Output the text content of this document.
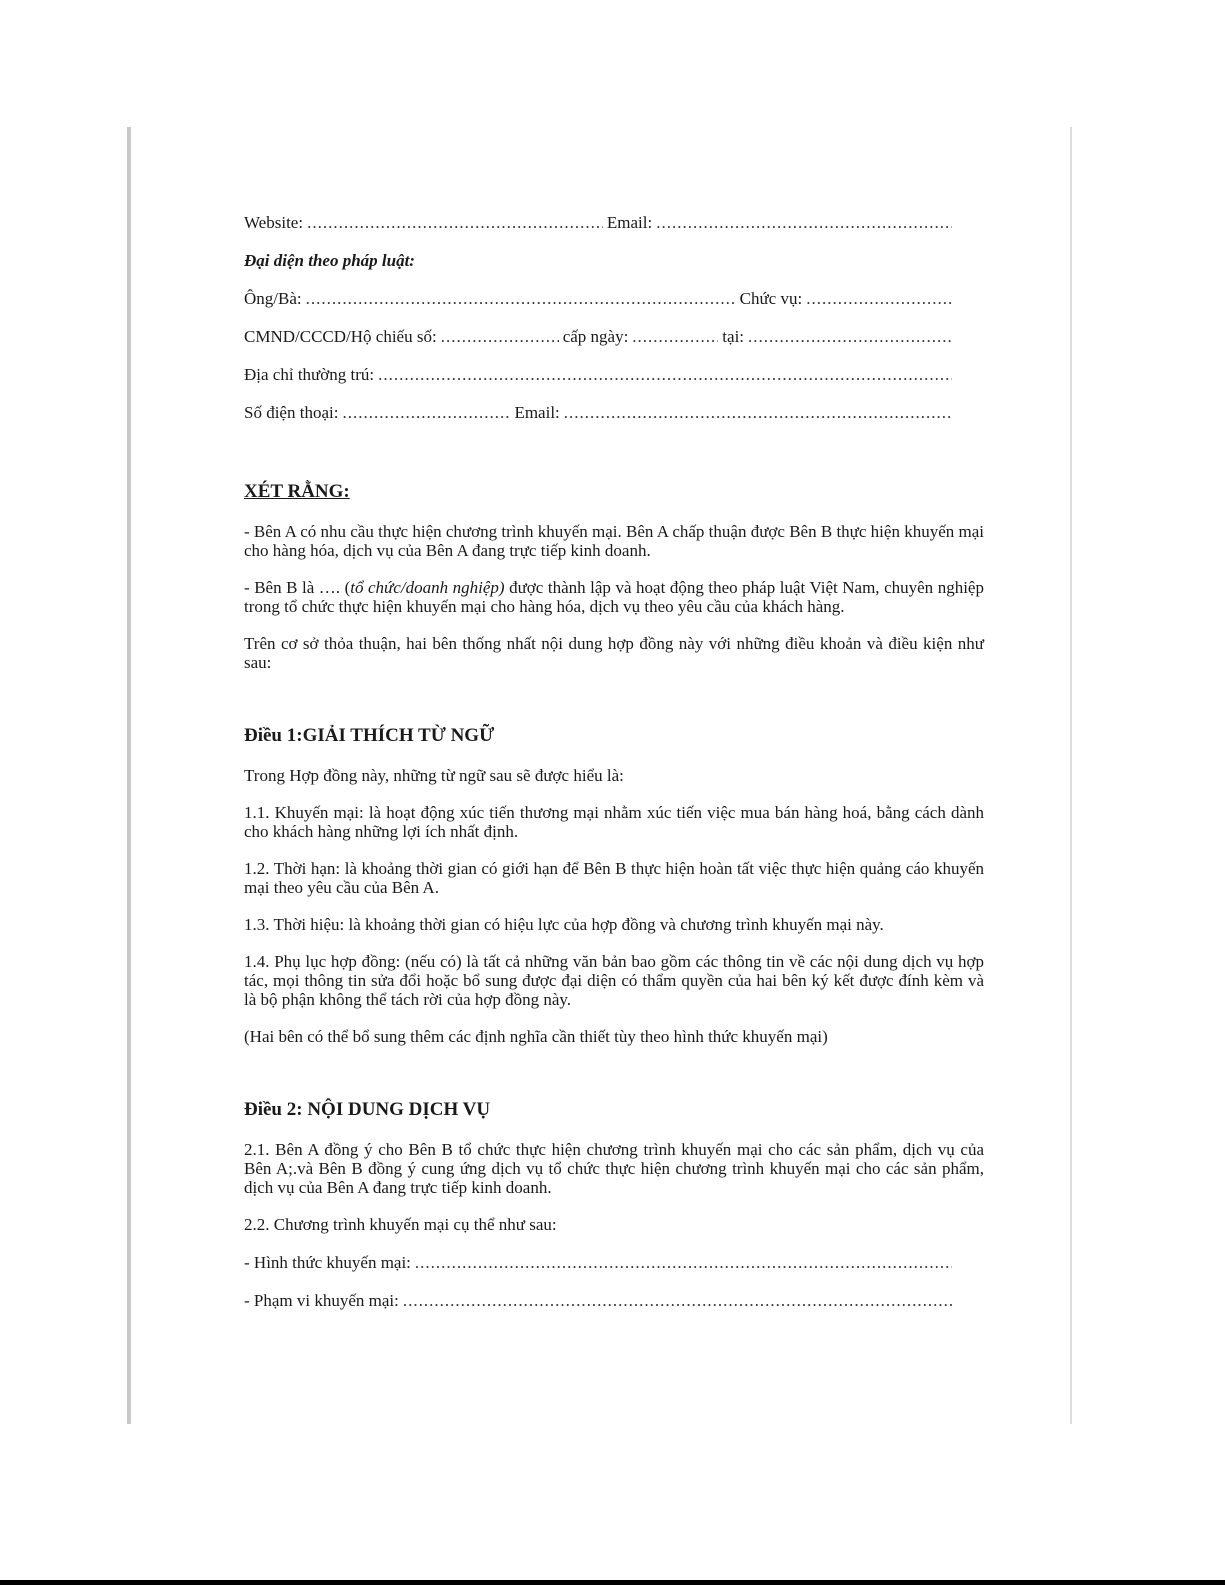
Website: .....	Email:
.....
Đại diện theo pháp luật:
Ông/Bà: .....	Chức vụ:
.....
CMND/CCCD/Hộ chiếu số: .....	cấp ngày: .....	tại:
.....
Địa chỉ thường trú:
.....
Số điện thoại: .....	Email:
.....
XÉT RẰNG:

- Bên A có nhu cầu thực hiện chương trình khuyến mại. Bên A chấp thuận được Bên B thực hiện khuyến mại cho hàng hóa, dịch vụ của Bên A đang trực tiếp kinh doanh.

- Bên B là …. (tổ chức/doanh nghiệp) được thành lập và hoạt động theo pháp luật Việt Nam, chuyên nghiệp trong tổ chức thực hiện khuyến mại cho hàng hóa, dịch vụ theo yêu cầu của khách hàng.

Trên cơ sở thỏa thuận, hai bên thống nhất nội dung hợp đồng này với những điều khoản và điều kiện như sau:

Điều 1:GIẢI THÍCH TỪ NGỮ

Trong Hợp đồng này, những từ ngữ sau sẽ được hiểu là:

1.1. Khuyến mại: là hoạt động xúc tiến thương mại nhằm xúc tiến việc mua bán hàng hoá, bằng cách dành cho khách hàng những lợi ích nhất định.

1.2. Thời hạn: là khoảng thời gian có giới hạn để Bên B thực hiện hoàn tất việc thực hiện quảng cáo khuyến mại theo yêu cầu của Bên A.

1.3. Thời hiệu: là khoảng thời gian có hiệu lực của hợp đồng và chương trình khuyến mại này.

1.4. Phụ lục hợp đồng: (nếu có) là tất cả những văn bản bao gồm các thông tin về các nội dung dịch vụ hợp tác, mọi thông tin sửa đổi hoặc bổ sung được đại diện có thẩm quyền của hai bên ký kết được đính kèm và là bộ phận không thể tách rời của hợp đồng này.

(Hai bên có thể bổ sung thêm các định nghĩa cần thiết tùy theo hình thức khuyến mại)

Điều 2: NỘI DUNG DỊCH VỤ

2.1. Bên A đồng ý cho Bên B tổ chức thực hiện chương trình khuyến mại cho các sản phẩm, dịch vụ của Bên A;.và Bên B đồng ý cung ứng dịch vụ tổ chức thực hiện chương trình khuyến mại cho các sản phẩm, dịch vụ của Bên A đang trực tiếp kinh doanh.

2.2. Chương trình khuyến mại cụ thể như sau:

- Hình thức khuyến mại:
.....
- Phạm vi khuyến mại:
.....
